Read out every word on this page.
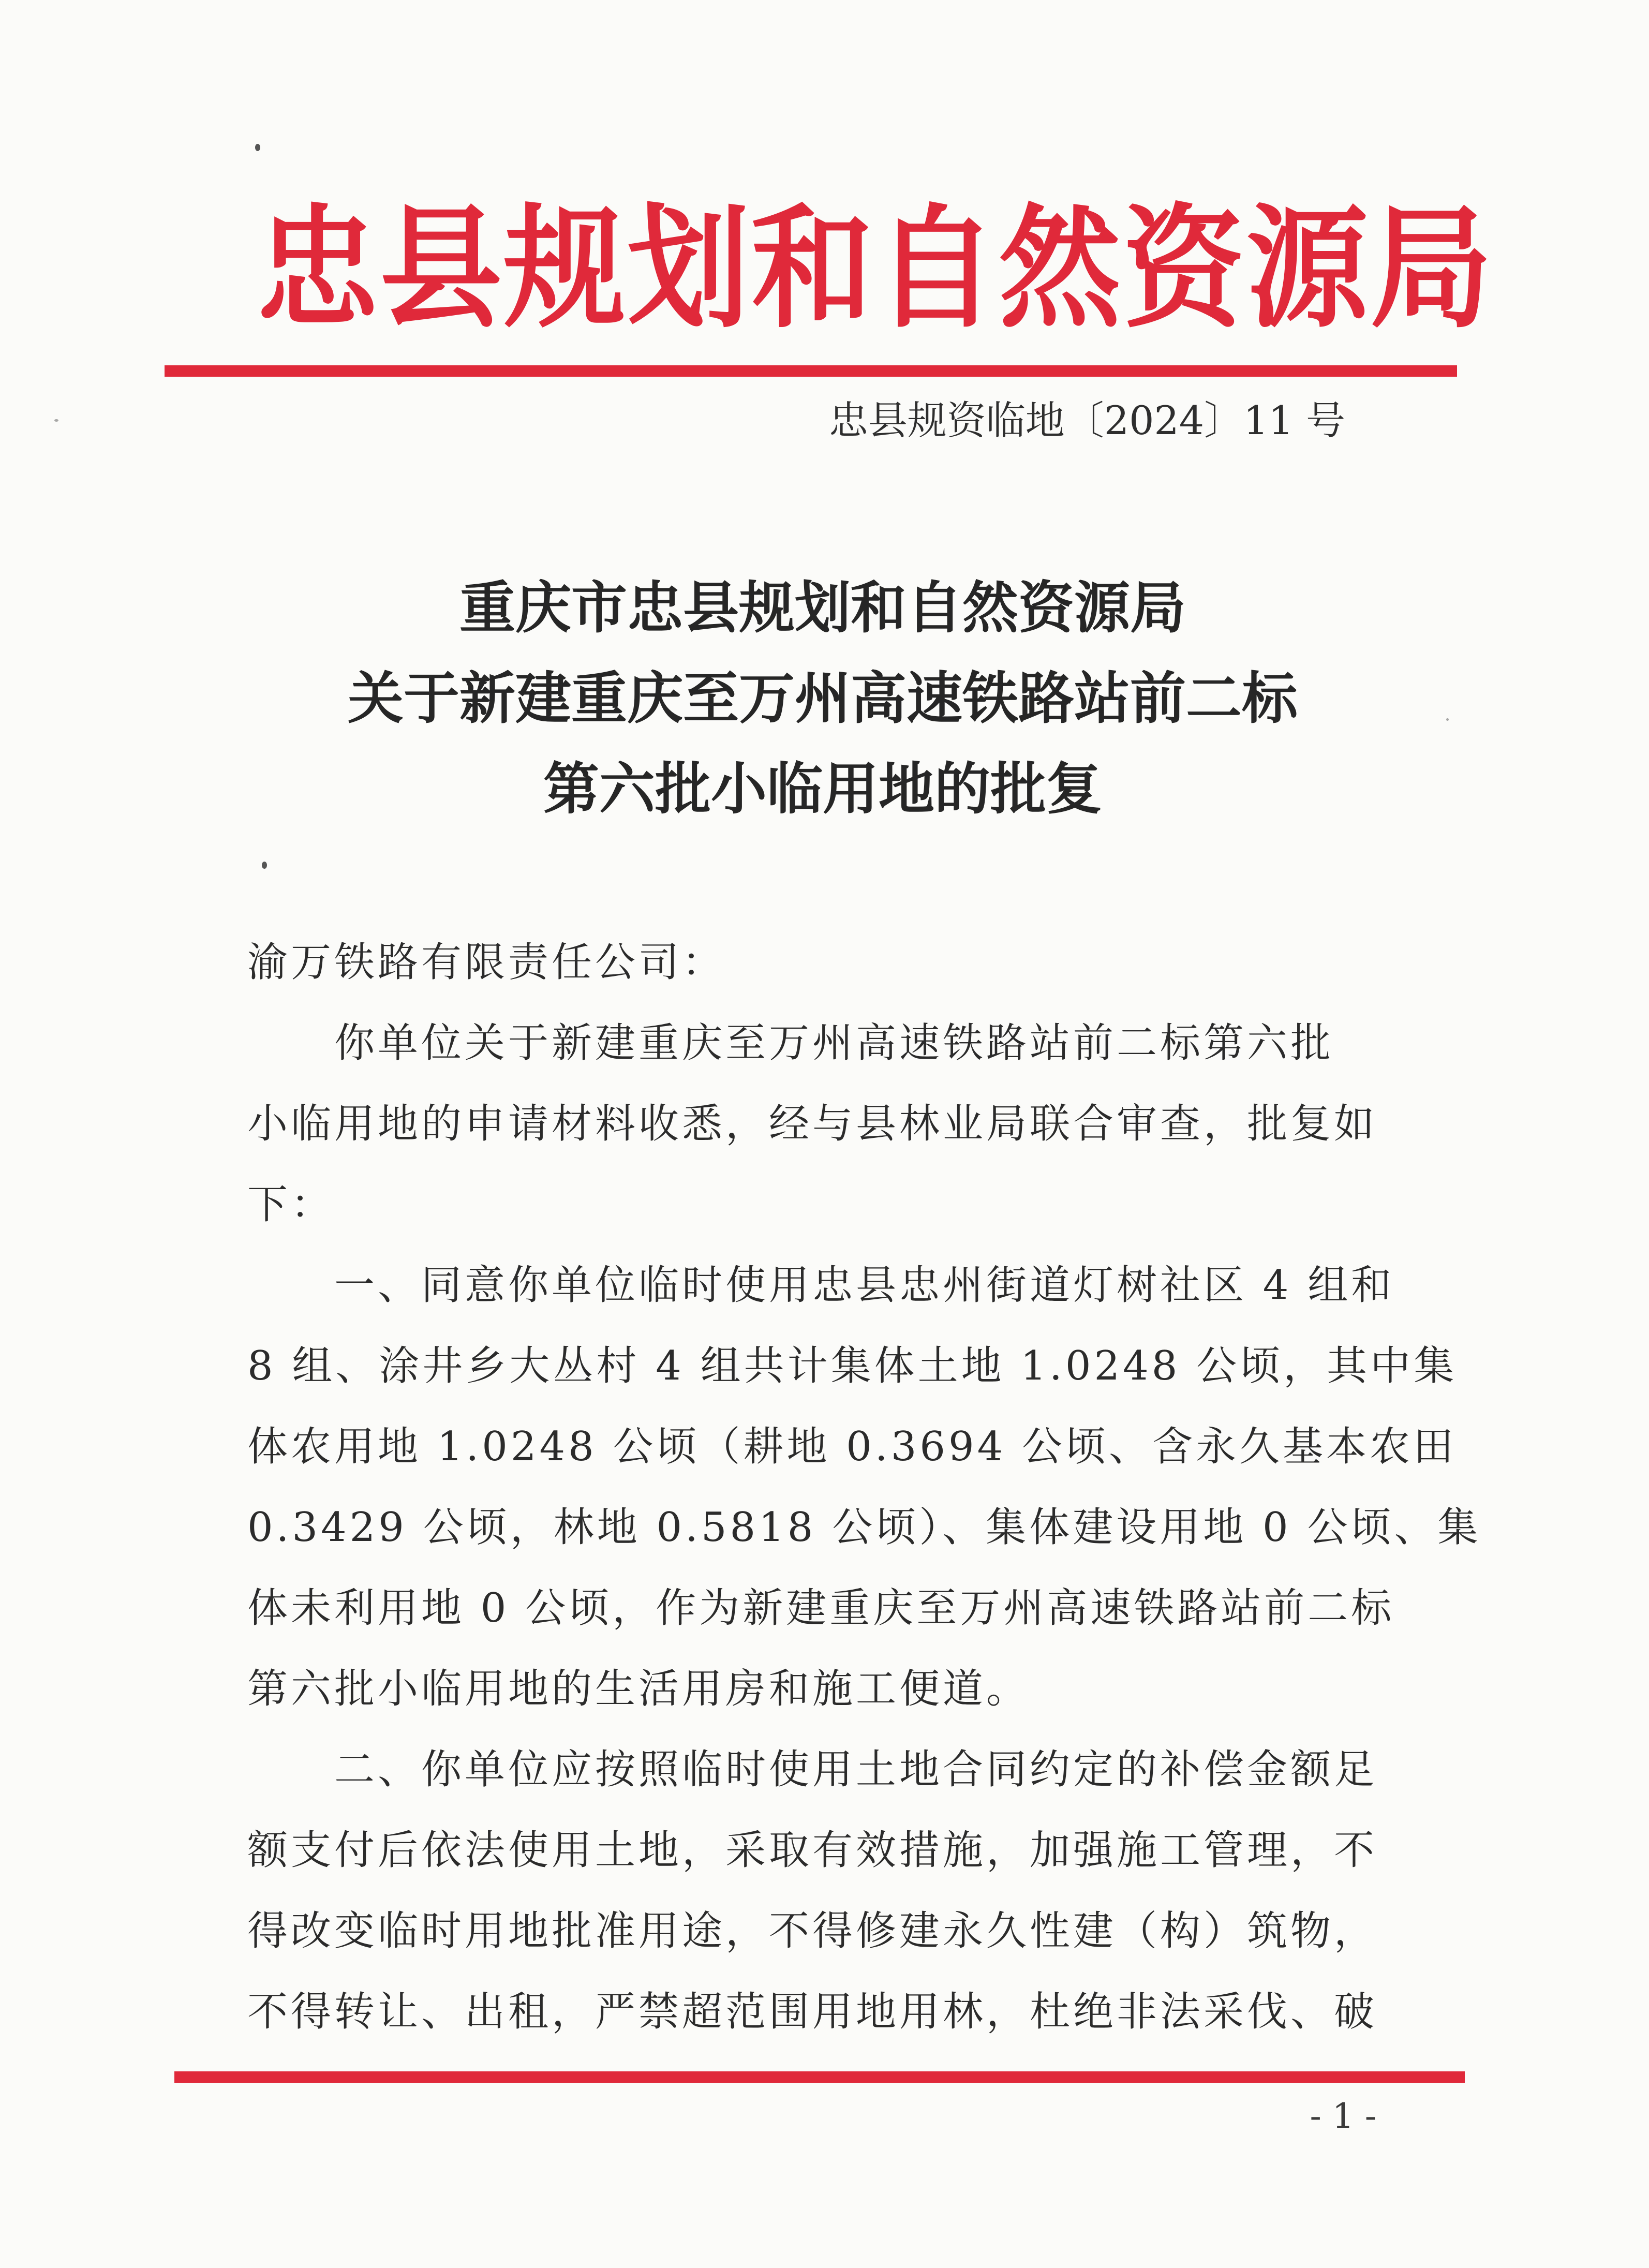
忠县规划和自然资源局
忠县规资临地〔2024〕11 号
重庆市忠县规划和自然资源局
关于新建重庆至万州高速铁路站前二标
第六批小临用地的批复
渝万铁路有限责任公司：
　　你单位关于新建重庆至万州高速铁路站前二标第六批
小临用地的申请材料收悉，经与县林业局联合审查，批复如
下：
　　一、同意你单位临时使用忠县忠州街道灯树社区 4 组和
8 组、涂井乡大丛村 4 组共计集体土地 1.0248 公顷，其中集
体农用地 1.0248 公顷（耕地 0.3694 公顷、含永久基本农田
0.3429 公顷，林地 0.5818 公顷）、集体建设用地 0 公顷、集
体未利用地 0 公顷，作为新建重庆至万州高速铁路站前二标
第六批小临用地的生活用房和施工便道。
　　二、你单位应按照临时使用土地合同约定的补偿金额足
额支付后依法使用土地，采取有效措施，加强施工管理，不
得改变临时用地批准用途，不得修建永久性建（构）筑物，
不得转让、出租，严禁超范围用地用林，杜绝非法采伐、破
- 1 -
